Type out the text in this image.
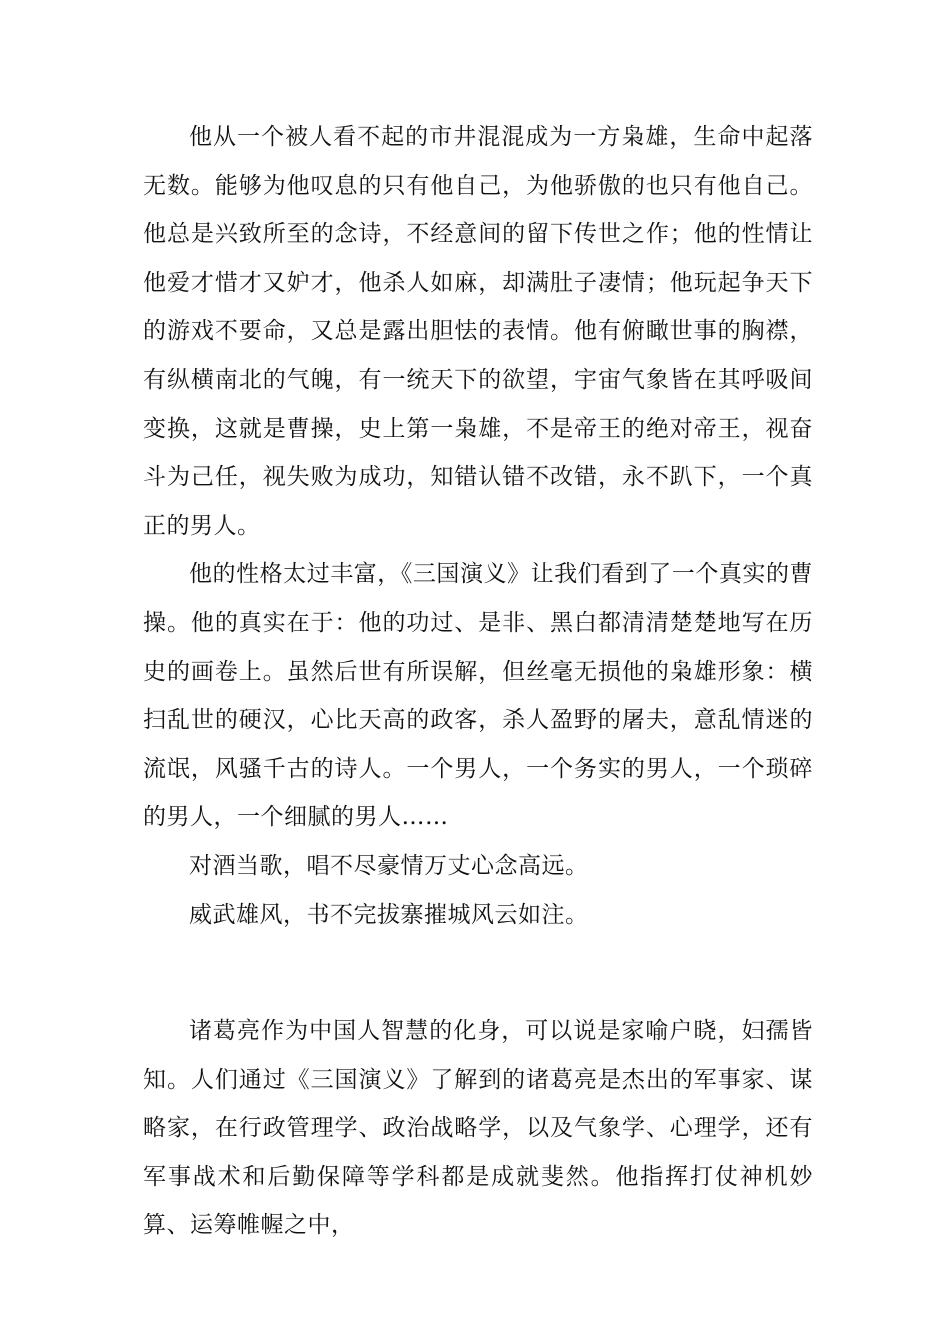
他从一个被人看不起的市井混混成为一方枭雄，生命中起落无数。能够为他叹息的只有他自己，为他骄傲的也只有他自己。他总是兴致所至的念诗，不经意间的留下传世之作；他的性情让他爱才惜才又妒才，他杀人如麻，却满肚子凄情；他玩起争天下的游戏不要命，又总是露出胆怯的表情。他有俯瞰世事的胸襟，有纵横南北的气魄，有一统天下的欲望，宇宙气象皆在其呼吸间变换，这就是曹操，史上第一枭雄，不是帝王的绝对帝王，视奋斗为己任，视失败为成功，知错认错不改错，永不趴下，一个真正的男人。

他的性格太过丰富，《三国演义》让我们看到了一个真实的曹操。他的真实在于：他的功过、是非、黑白都清清楚楚地写在历史的画卷上。虽然后世有所误解，但丝毫无损他的枭雄形象：横扫乱世的硬汉，心比天高的政客，杀人盈野的屠夫，意乱情迷的流氓，风骚千古的诗人。一个男人，一个务实的男人，一个琐碎的男人，一个细腻的男人……

对酒当歌，唱不尽豪情万丈心念高远。

威武雄风，书不完拔寨摧城风云如注。

诸葛亮作为中国人智慧的化身，可以说是家喻户晓，妇孺皆知。人们通过《三国演义》了解到的诸葛亮是杰出的军事家、谋略家，在行政管理学、政治战略学，以及气象学、心理学，还有军事战术和后勤保障等学科都是成就斐然。他指挥打仗神机妙算、运筹帷幄之中，
